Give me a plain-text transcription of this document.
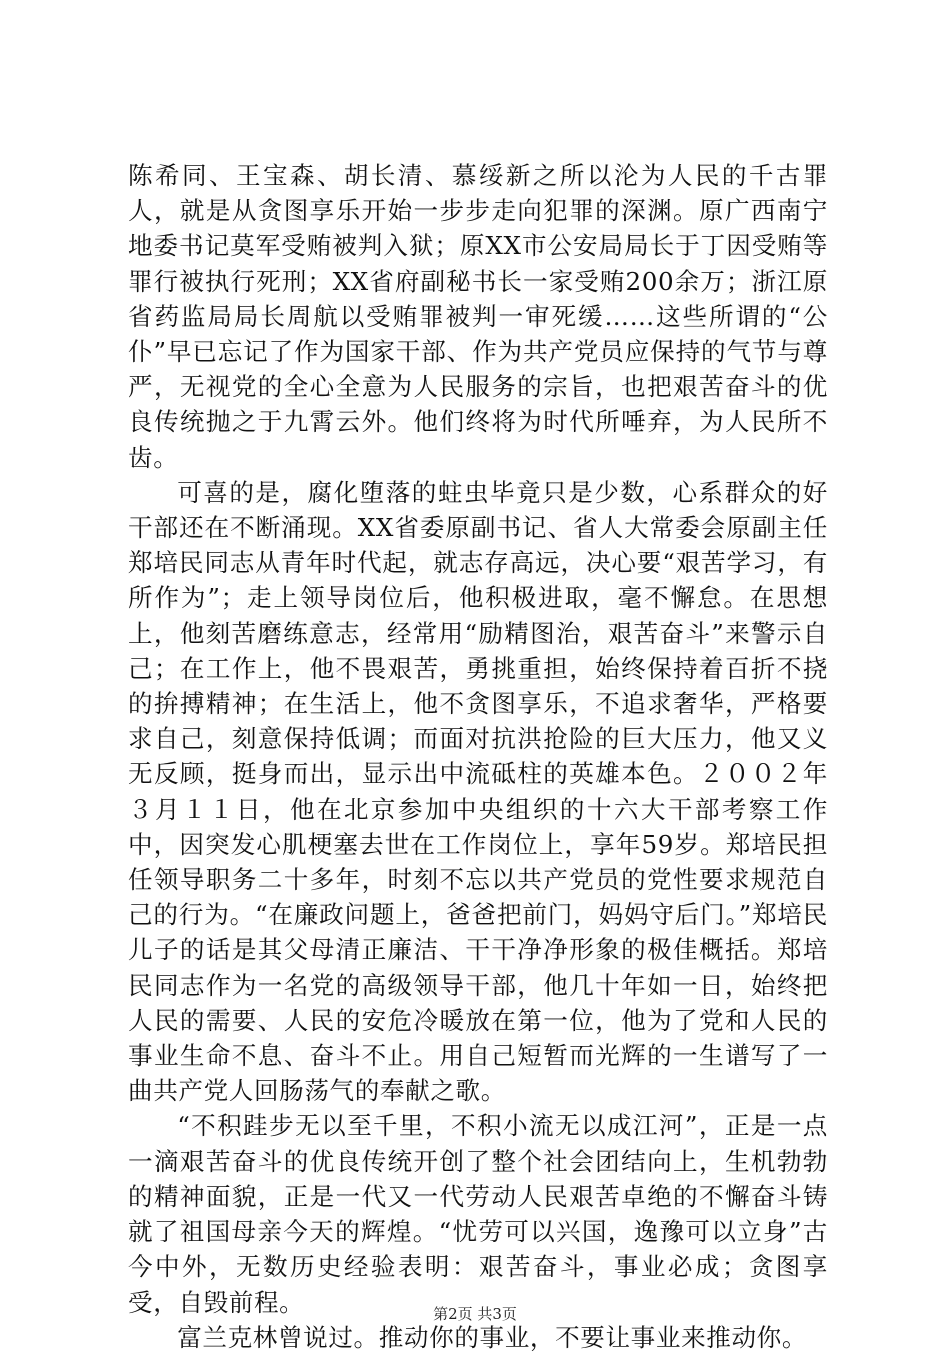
陈希同、王宝森、胡长清、慕绥新之所以沦为人民的千古罪人，就是从贪图享乐开始一步步走向犯罪的深渊。原广西南宁地委书记莫军受贿被判入狱；原XX市公安局局长于丁因受贿等罪行被执行死刑；XX省府副秘书长一家受贿200余万；浙江原省药监局局长周航以受贿罪被判一审死缓……这些所谓的“公仆”早已忘记了作为国家干部、作为共产党员应保持的气节与尊严，无视党的全心全意为人民服务的宗旨，也把艰苦奋斗的优良传统抛之于九霄云外。他们终将为时代所唾弃，为人民所不齿。

可喜的是，腐化堕落的蛀虫毕竟只是少数，心系群众的好干部还在不断涌现。XX省委原副书记、省人大常委会原副主任郑培民同志从青年时代起，就志存高远，决心要“艰苦学习，有所作为”；走上领导岗位后，他积极进取，毫不懈怠。在思想上，他刻苦磨练意志，经常用“励精图治，艰苦奋斗”来警示自己；在工作上，他不畏艰苦，勇挑重担，始终保持着百折不挠的拚搏精神；在生活上，他不贪图享乐，不追求奢华，严格要求自己，刻意保持低调；而面对抗洪抢险的巨大压力，他又义无反顾，挺身而出，显示出中流砥柱的英雄本色。２００２年３月１１日，他在北京参加中央组织的十六大干部考察工作中，因突发心肌梗塞去世在工作岗位上，享年59岁。郑培民担任领导职务二十多年，时刻不忘以共产党员的党性要求规范自己的行为。“在廉政问题上，爸爸把前门，妈妈守后门。”郑培民儿子的话是其父母清正廉洁、干干净净形象的极佳概括。郑培民同志作为一名党的高级领导干部，他几十年如一日，始终把人民的需要、人民的安危冷暖放在第一位，他为了党和人民的事业生命不息、奋斗不止。用自己短暂而光辉的一生谱写了一曲共产党人回肠荡气的奉献之歌。

“不积跬步无以至千里，不积小流无以成江河”，正是一点一滴艰苦奋斗的优良传统开创了整个社会团结向上，生机勃勃的精神面貌，正是一代又一代劳动人民艰苦卓绝的不懈奋斗铸就了祖国母亲今天的辉煌。“忧劳可以兴国，逸豫可以立身”古今中外，无数历史经验表明：艰苦奋斗，事业必成；贪图享受，自毁前程。

富兰克林曾说过。推动你的事业，不要让事业来推动你。

第2页 共3页
